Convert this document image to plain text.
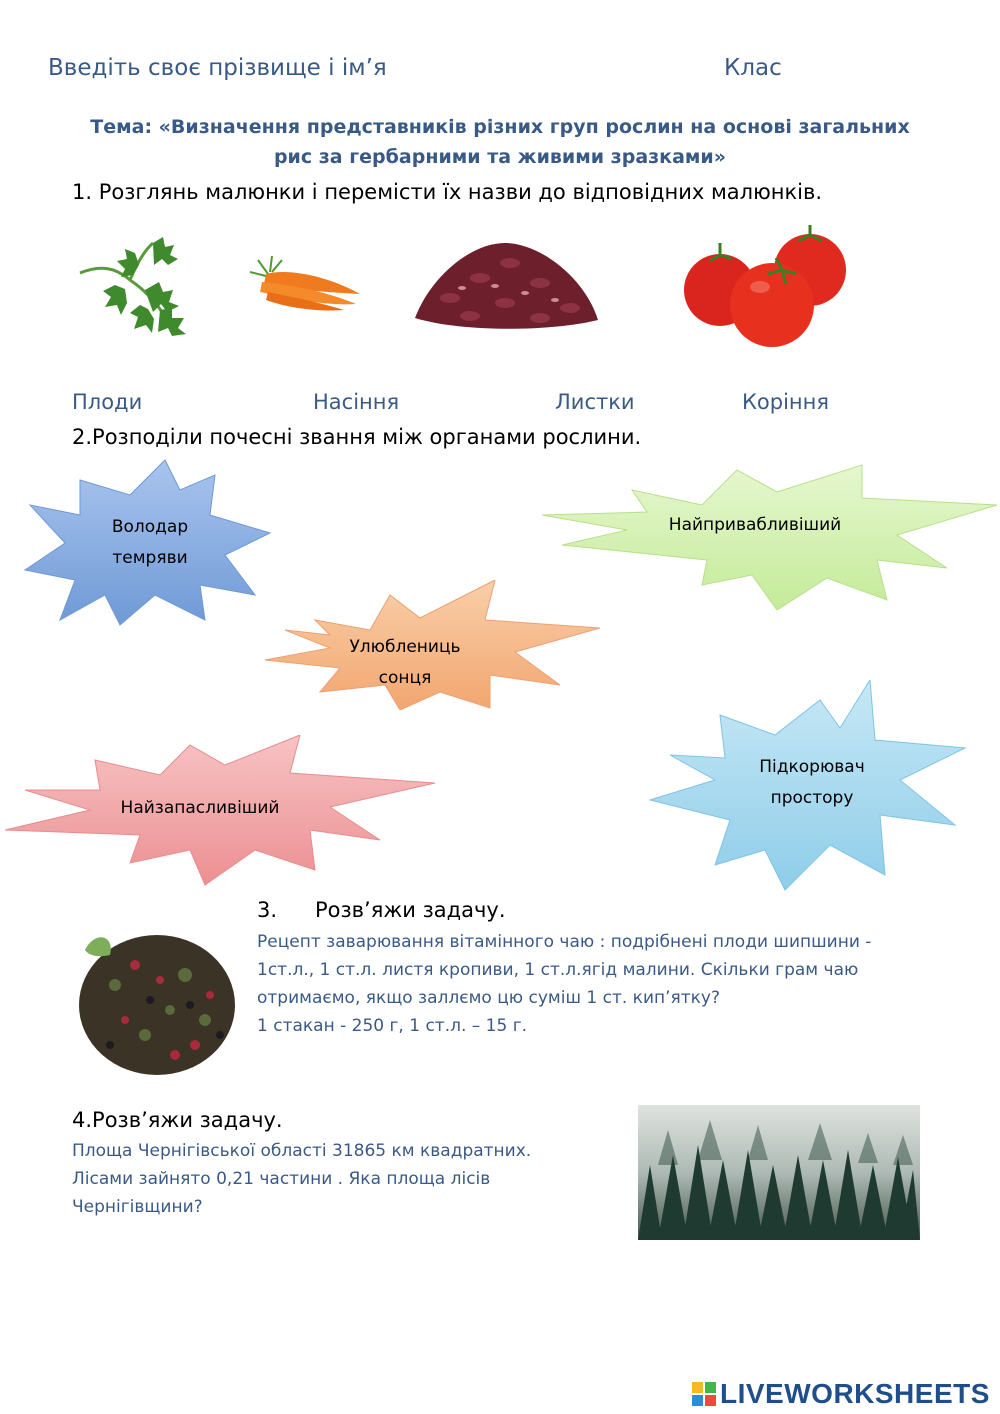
Введіть своє прізвище і ім’я	Клас
Тема: «Визначення представників різних груп рослин на основі загальних
рис за гербарними та живими зразками»
1. Розглянь малюнки і перемісти їх назви до відповідних малюнків.
Плоди	Насіння	Листки	Коріння
2.Розподіли почесні звання між органами рослини.
Володар
темряви
Найпривабливіший
Улюблениць
сонця
Найзапасливіший
Підкорювач
простору
3. Розв’яжи задачу.
Рецепт заварювання вітамінного чаю : подрібнені плоди шипшини -
1ст.л., 1 ст.л. листя кропиви, 1 ст.л.ягід малини. Скільки грам чаю
отримаємо, якщо заллємо цю суміш 1 ст. кип’ятку?
1 стакан - 250 г, 1 ст.л. – 15 г.
4.Розв’яжи задачу.
Площа Чернігівської області 31865 км квадратних.
Лісами зайнято 0,21 частини . Яка площа лісів
Чернігівщини?
LIVEWORKSHEETS
